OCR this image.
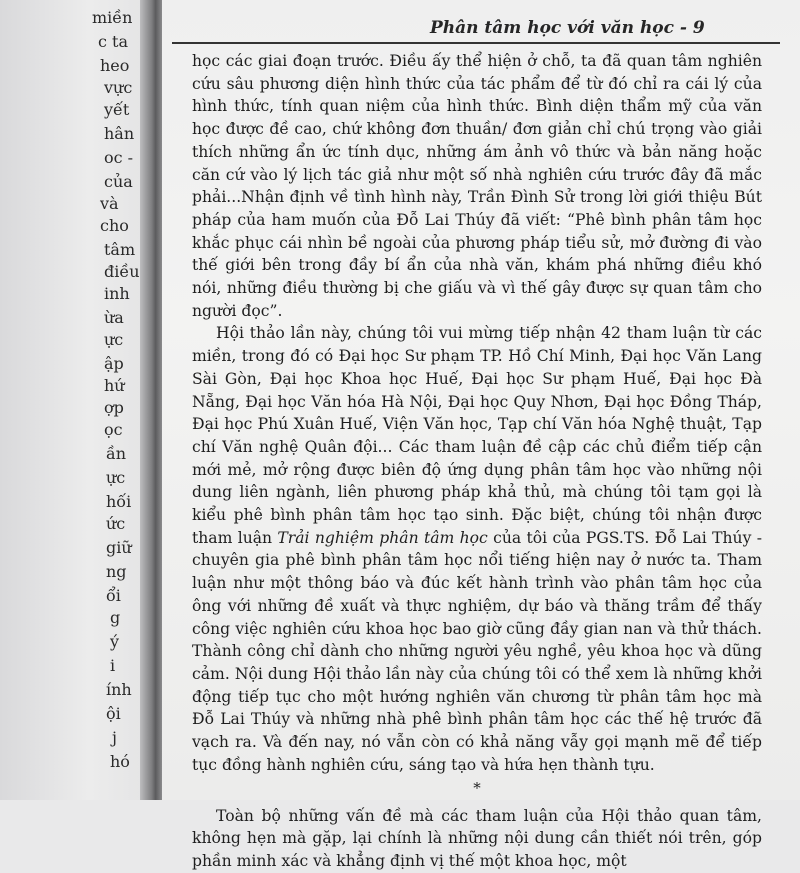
miền
c ta
heo
vực
yết
hân
oc -
của
và
cho
tâm
điều
inh
ừa
ực
ập
hứ
ợp
ọc
ần
ực
hối
ức
giữ
ng
ổi
g
ý
i
ính
ội
j
hó
Phân tâm học với văn học - 9

học các giai đoạn trước. Điều ấy thể hiện ở chỗ, ta đã quan tâm nghiên cứu sâu phương diện hình thức của tác phẩm để từ đó chỉ ra cái lý của hình thức, tính quan niệm của hình thức. Bình diện thẩm mỹ của văn học được đề cao, chứ không đơn thuần/ đơn giản chỉ chú trọng vào giải thích những ẩn ức tính dục, những ám ảnh vô thức và bản năng hoặc căn cứ vào lý lịch tác giả như một số nhà nghiên cứu trước đây đã mắc phải...Nhận định về tình hình này, Trần Đình Sử trong lời giới thiệu Bút pháp của ham muốn của Đỗ Lai Thúy đã viết: “Phê bình phân tâm học khắc phục cái nhìn bề ngoài của phương pháp tiểu sử, mở đường đi vào thế giới bên trong đầy bí ẩn của nhà văn, khám phá những điều khó nói, những điều thường bị che giấu và vì thế gây được sự quan tâm cho người đọc”.

Hội thảo lần này, chúng tôi vui mừng tiếp nhận 42 tham luận từ các miền, trong đó có Đại học Sư phạm TP. Hồ Chí Minh, Đại học Văn Lang Sài Gòn, Đại học Khoa học Huế, Đại học Sư phạm Huế, Đại học Đà Nẵng, Đại học Văn hóa Hà Nội, Đại học Quy Nhơn, Đại học Đồng Tháp, Đại học Phú Xuân Huế, Viện Văn học, Tạp chí Văn hóa Nghệ thuật, Tạp chí Văn nghệ Quân đội... Các tham luận đề cập các chủ điểm tiếp cận mới mẻ, mở rộng được biên độ ứng dụng phân tâm học vào những nội dung liên ngành, liên phương pháp khả thủ, mà chúng tôi tạm gọi là kiểu phê bình phân tâm học tạo sinh. Đặc biệt, chúng tôi nhận được tham luận Trải nghiệm phân tâm học của tôi của PGS.TS. Đỗ Lai Thúy - chuyên gia phê bình phân tâm học nổi tiếng hiện nay ở nước ta. Tham luận như một thông báo và đúc kết hành trình vào phân tâm học của ông với những đề xuất và thực nghiệm, dự báo và thăng trầm để thấy công việc nghiên cứu khoa học bao giờ cũng đầy gian nan và thử thách. Thành công chỉ dành cho những người yêu nghề, yêu khoa học và dũng cảm. Nội dung Hội thảo lần này của chúng tôi có thể xem là những khởi động tiếp tục cho một hướng nghiên văn chương từ phân tâm học mà Đỗ Lai Thúy và những nhà phê bình phân tâm học các thế hệ trước đã vạch ra. Và đến nay, nó vẫn còn có khả năng vẫy gọi mạnh mẽ để tiếp tục đồng hành nghiên cứu, sáng tạo và hứa hẹn thành tựu.

*

Toàn bộ những vấn đề mà các tham luận của Hội thảo quan tâm, không hẹn mà gặp, lại chính là những nội dung cần thiết nói trên, góp phần minh xác và khẳng định vị thế một khoa học, một
